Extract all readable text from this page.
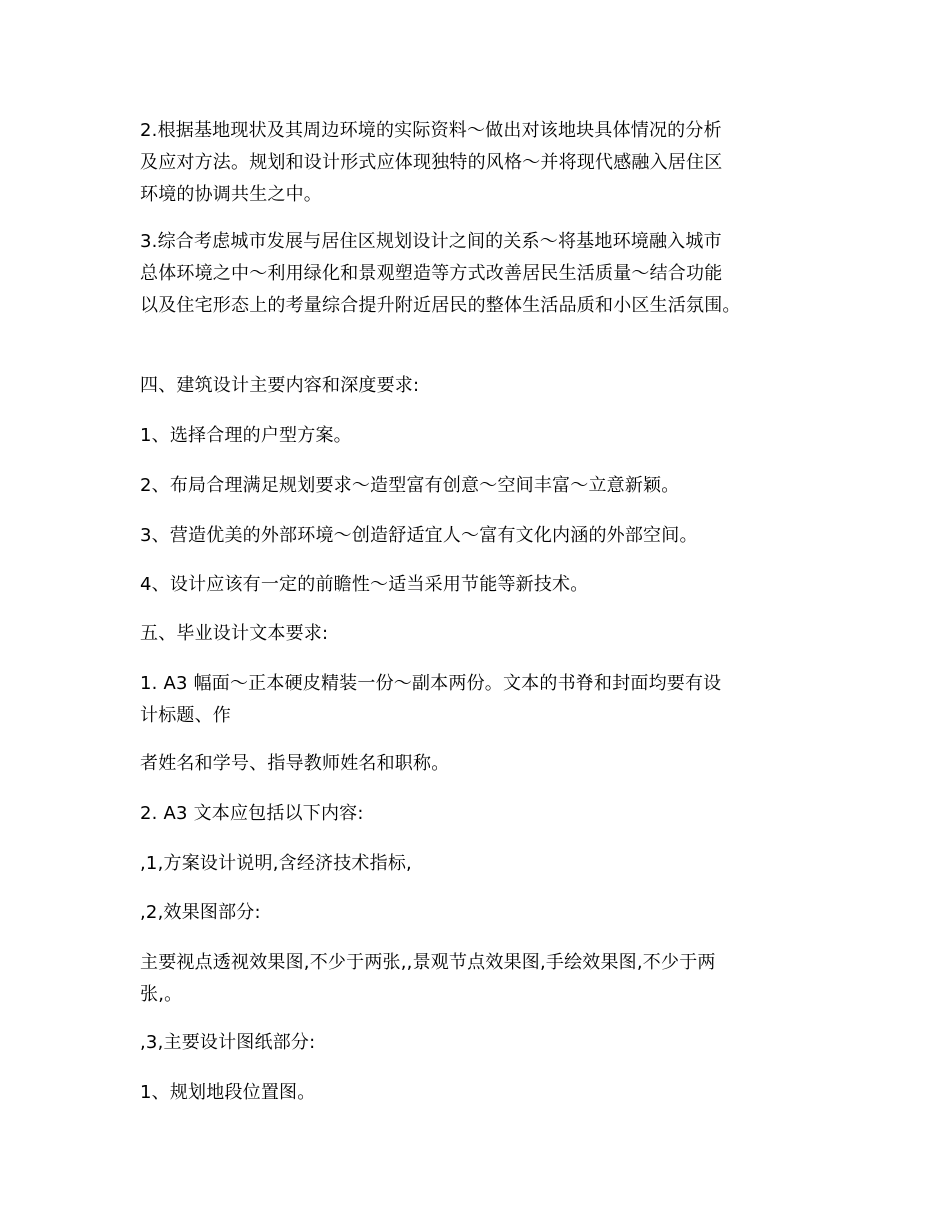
2.根据基地现状及其周边环境的实际资料～做出对该地块具体情况的分析
及应对方法。规划和设计形式应体现独特的风格～并将现代感融入居住区
环境的协调共生之中。
3.综合考虑城市发展与居住区规划设计之间的关系～将基地环境融入城市
总体环境之中～利用绿化和景观塑造等方式改善居民生活质量～结合功能
以及住宅形态上的考量综合提升附近居民的整体生活品质和小区生活氛围。
四、建筑设计主要内容和深度要求:
1、选择合理的户型方案。
2、布局合理满足规划要求～造型富有创意～空间丰富～立意新颖。
3、营造优美的外部环境～创造舒适宜人～富有文化内涵的外部空间。
4、设计应该有一定的前瞻性～适当采用节能等新技术。
五、毕业设计文本要求:
1. A3 幅面～正本硬皮精装一份～副本两份。文本的书脊和封面均要有设
计标题、作
者姓名和学号、指导教师姓名和职称。
2. A3 文本应包括以下内容:
,1,方案设计说明,含经济技术指标,
,2,效果图部分:
主要视点透视效果图,不少于两张,,景观节点效果图,手绘效果图,不少于两
张,。
,3,主要设计图纸部分:
1、规划地段位置图。
